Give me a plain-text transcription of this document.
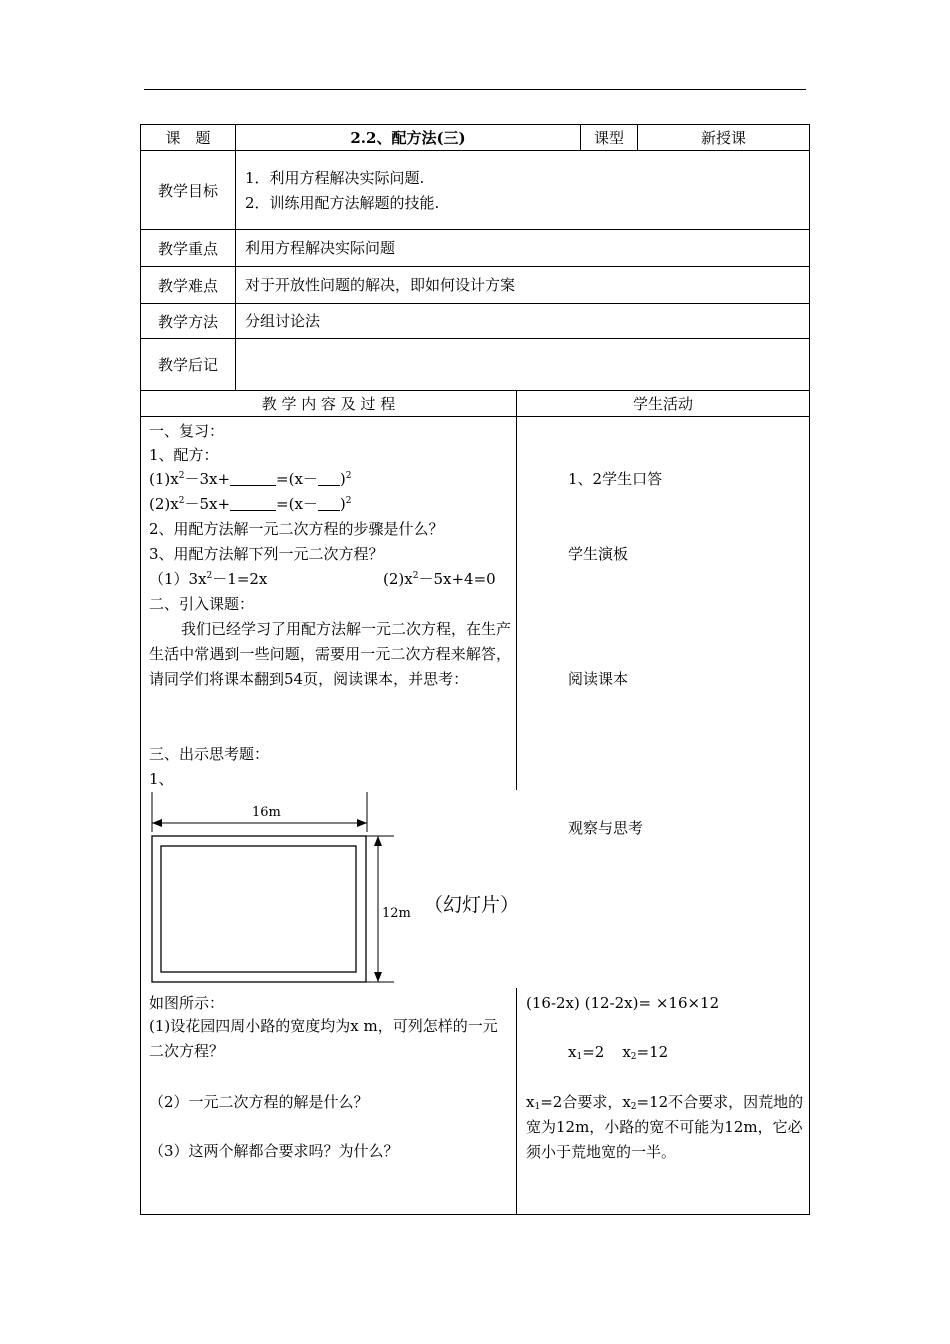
课　题	2.2、配方法(三)	课型	新授课
教学目标
1．利用方程解决实际问题.
2．训练用配方法解题的技能.
教学重点	利用方程解决实际问题
教学难点	对于开放性问题的解决，即如何设计方案
教学方法	分组讨论法
教学后记
教 学 内 容 及 过 程	学生活动
一、复习：
1、配方：
$(1)x^2-3x+$	$=(x- )^2$
$(2)x^2-5x+$	$=(x- )^2$
2、用配方法解一元二次方程的步骤是什么？
3、用配方法解下列一元二次方程？
$(1)3x^2-1=2x$	$(2)x^2-5x+4=0$
二、引入课题：
我们已经学习了用配方法解一元二次方程，在生产生活中常遇到一些问题，需要用一元二次方程来解答，请同学们将课本翻到54页，阅读课本，并思考：
三、出示思考题：
1、
16m
12m （幻灯片）
如图所示：
(1)设花园四周小路的宽度均为x m，可列怎样的一元二次方程？
（2）一元二次方程的解是什么？
（3）这两个解都合要求吗？为什么？
1、2学生口答
学生演板
阅读课本
观察与思考
(16-2x) (12-2x)= ×16×12
$x_1=2$ $x_2=12$
$x_1=2$合要求，$x_2=12$不合要求，因荒地的宽为12m，小路的宽不可能为12m，它必须小于荒地宽的一半。
